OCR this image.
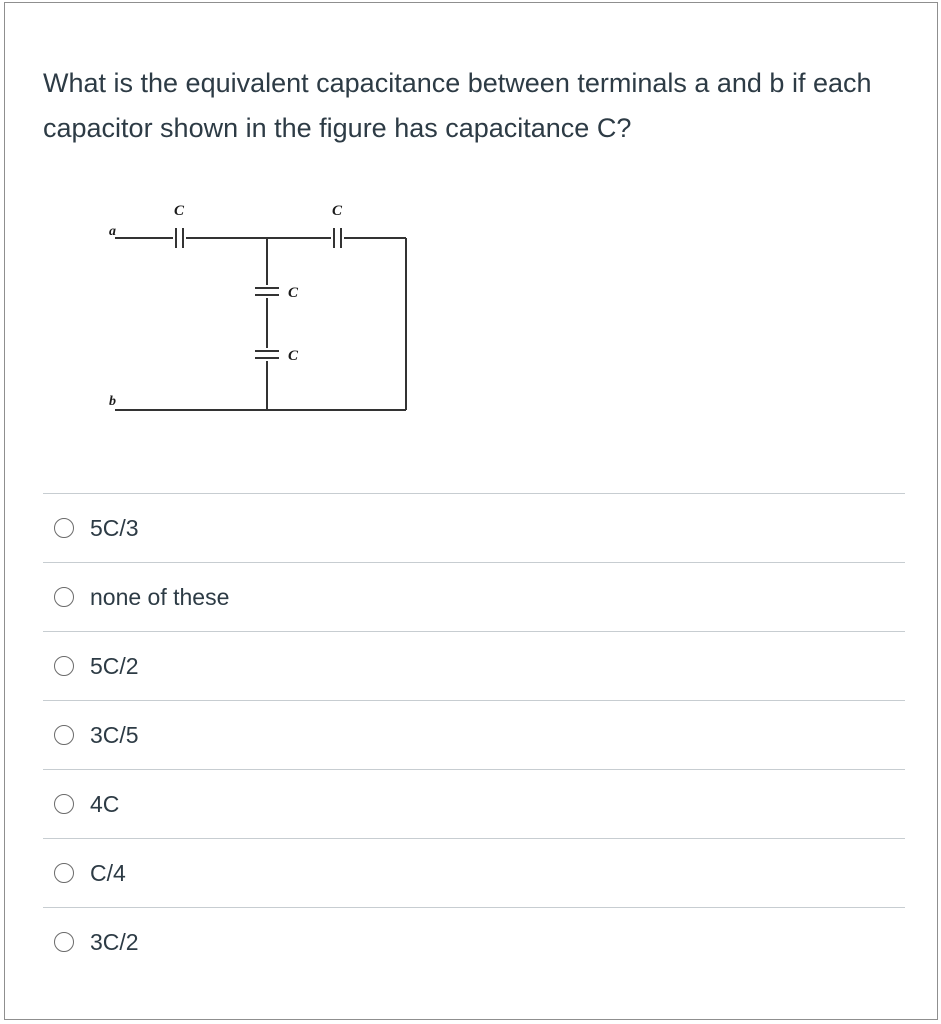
What is the equivalent capacitance between terminals a and b if each capacitor shown in the figure has capacitance C?

a
b
C	C
C
C
5C/3
none of these
5C/2
3C/5
4C
C/4
3C/2
